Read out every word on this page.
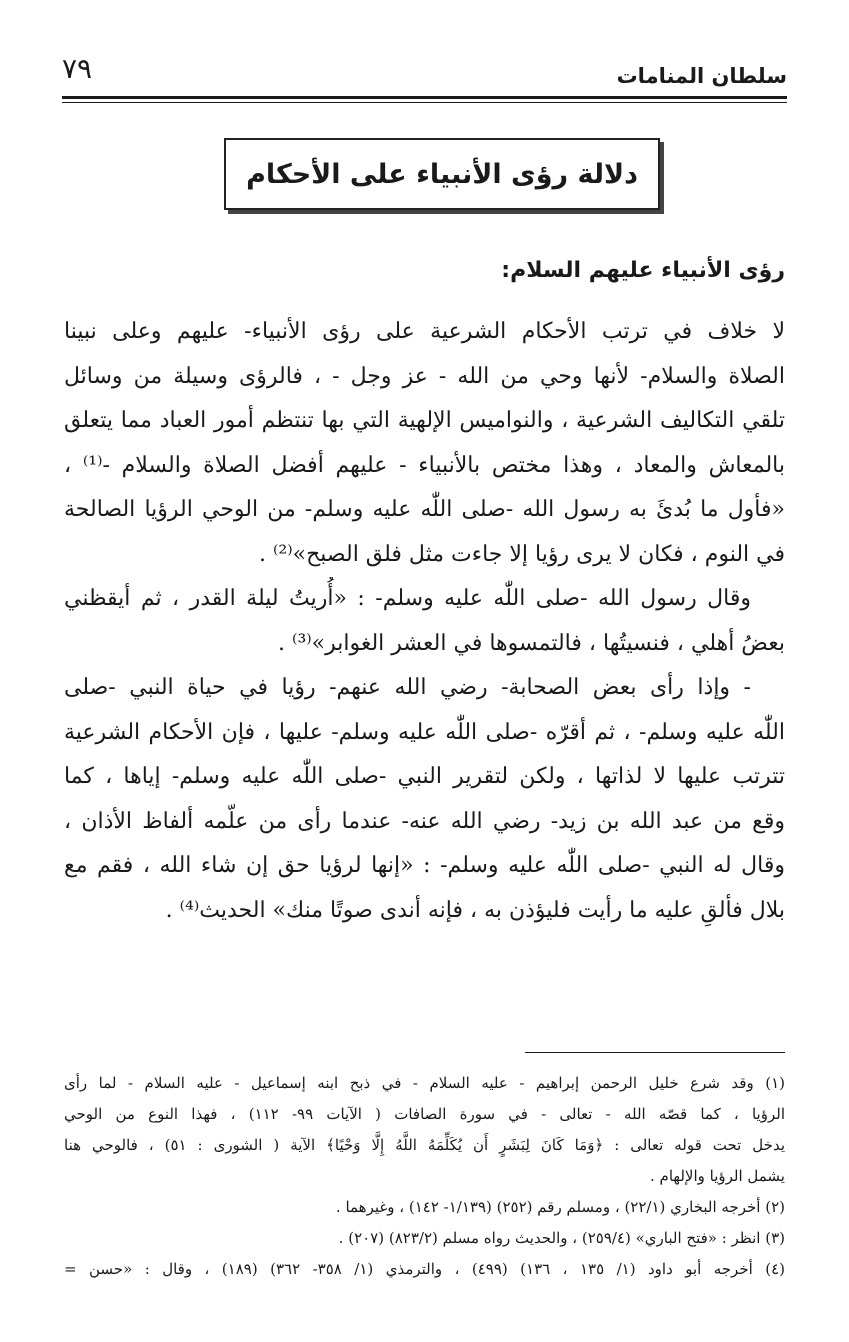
سلطان المنامات
٧٩
دلالة رؤى الأنبياء على الأحكام
رؤى الأنبياء عليهم السلام:
لا خلاف في ترتب الأحكام الشرعية على رؤى الأنبياء- عليهم وعلى نبينا
الصلاة والسلام- لأنها وحي من الله - عز وجل - ، فالرؤى وسيلة من وسائل
تلقي التكاليف الشرعية ، والنواميس الإلهية التي بها تنتظم أمور العباد مما يتعلق
بالمعاش والمعاد ، وهذا مختص بالأنبياء - عليهم أفضل الصلاة والسلام -⁽¹⁾ ،
«فأول ما بُدئَ به رسول الله -صلى اللّٰه عليه وسلم- من الوحي الرؤيا الصالحة
في النوم ، فكان لا يرى رؤيا إلا جاءت مثل فلق الصبح»⁽²⁾ .
وقال رسول الله -صلى اللّٰه عليه وسلم- : «أُريتُ ليلة القدر ، ثم أيقظني
بعضُ أهلي ، فنسيتُها ، فالتمسوها في العشر الغوابر»⁽³⁾ .
- وإذا رأى بعض الصحابة- رضي الله عنهم- رؤيا في حياة النبي -صلى
اللّٰه عليه وسلم- ، ثم أقرّه -صلى اللّٰه عليه وسلم- عليها ، فإن الأحكام الشرعية
تترتب عليها لا لذاتها ، ولكن لتقرير النبي -صلى اللّٰه عليه وسلم- إياها ، كما
وقع من عبد الله بن زيد- رضي الله عنه- عندما رأى من علّمه ألفاظ الأذان ،
وقال له النبي -صلى اللّٰه عليه وسلم- : «إنها لرؤيا حق إن شاء الله ، فقم مع
بلال فألقِ عليه ما رأيت فليؤذن به ، فإنه أندى صوتًا منك» الحديث⁽⁴⁾ .
(١) وقد شرع خليل الرحمن إبراهيم - عليه السلام - في ذبح ابنه إسماعيل - عليه السلام - لما رأى
الرؤيا ، كما قصّه الله - تعالى - في سورة الصافات ( الآيات ٩٩- ١١٢) ، فهذا النوع من الوحي
يدخل تحت قوله تعالى : ﴿وَمَا كَانَ لِبَشَرٍ أَن يُكَلِّمَهُ اللَّهُ إِلَّا وَحْيًا﴾ الآية ( الشورى : ٥١) ، فالوحي هنا
يشمل الرؤيا والإلهام .
(٢) أخرجه البخاري (٢٢/١) ، ومسلم رقم (٢٥٢) (١/١٣٩- ١٤٢) ، وغيرهما .
(٣) انظر : «فتح الباري» (٢٥٩/٤) ، والحديث رواه مسلم (٨٢٣/٢) (٢٠٧) .
(٤) أخرجه أبو داود (١/ ١٣٥ ، ١٣٦) (٤٩٩) ، والترمذي (١/ ٣٥٨- ٣٦٢) (١٨٩) ، وقال : «حسن =
